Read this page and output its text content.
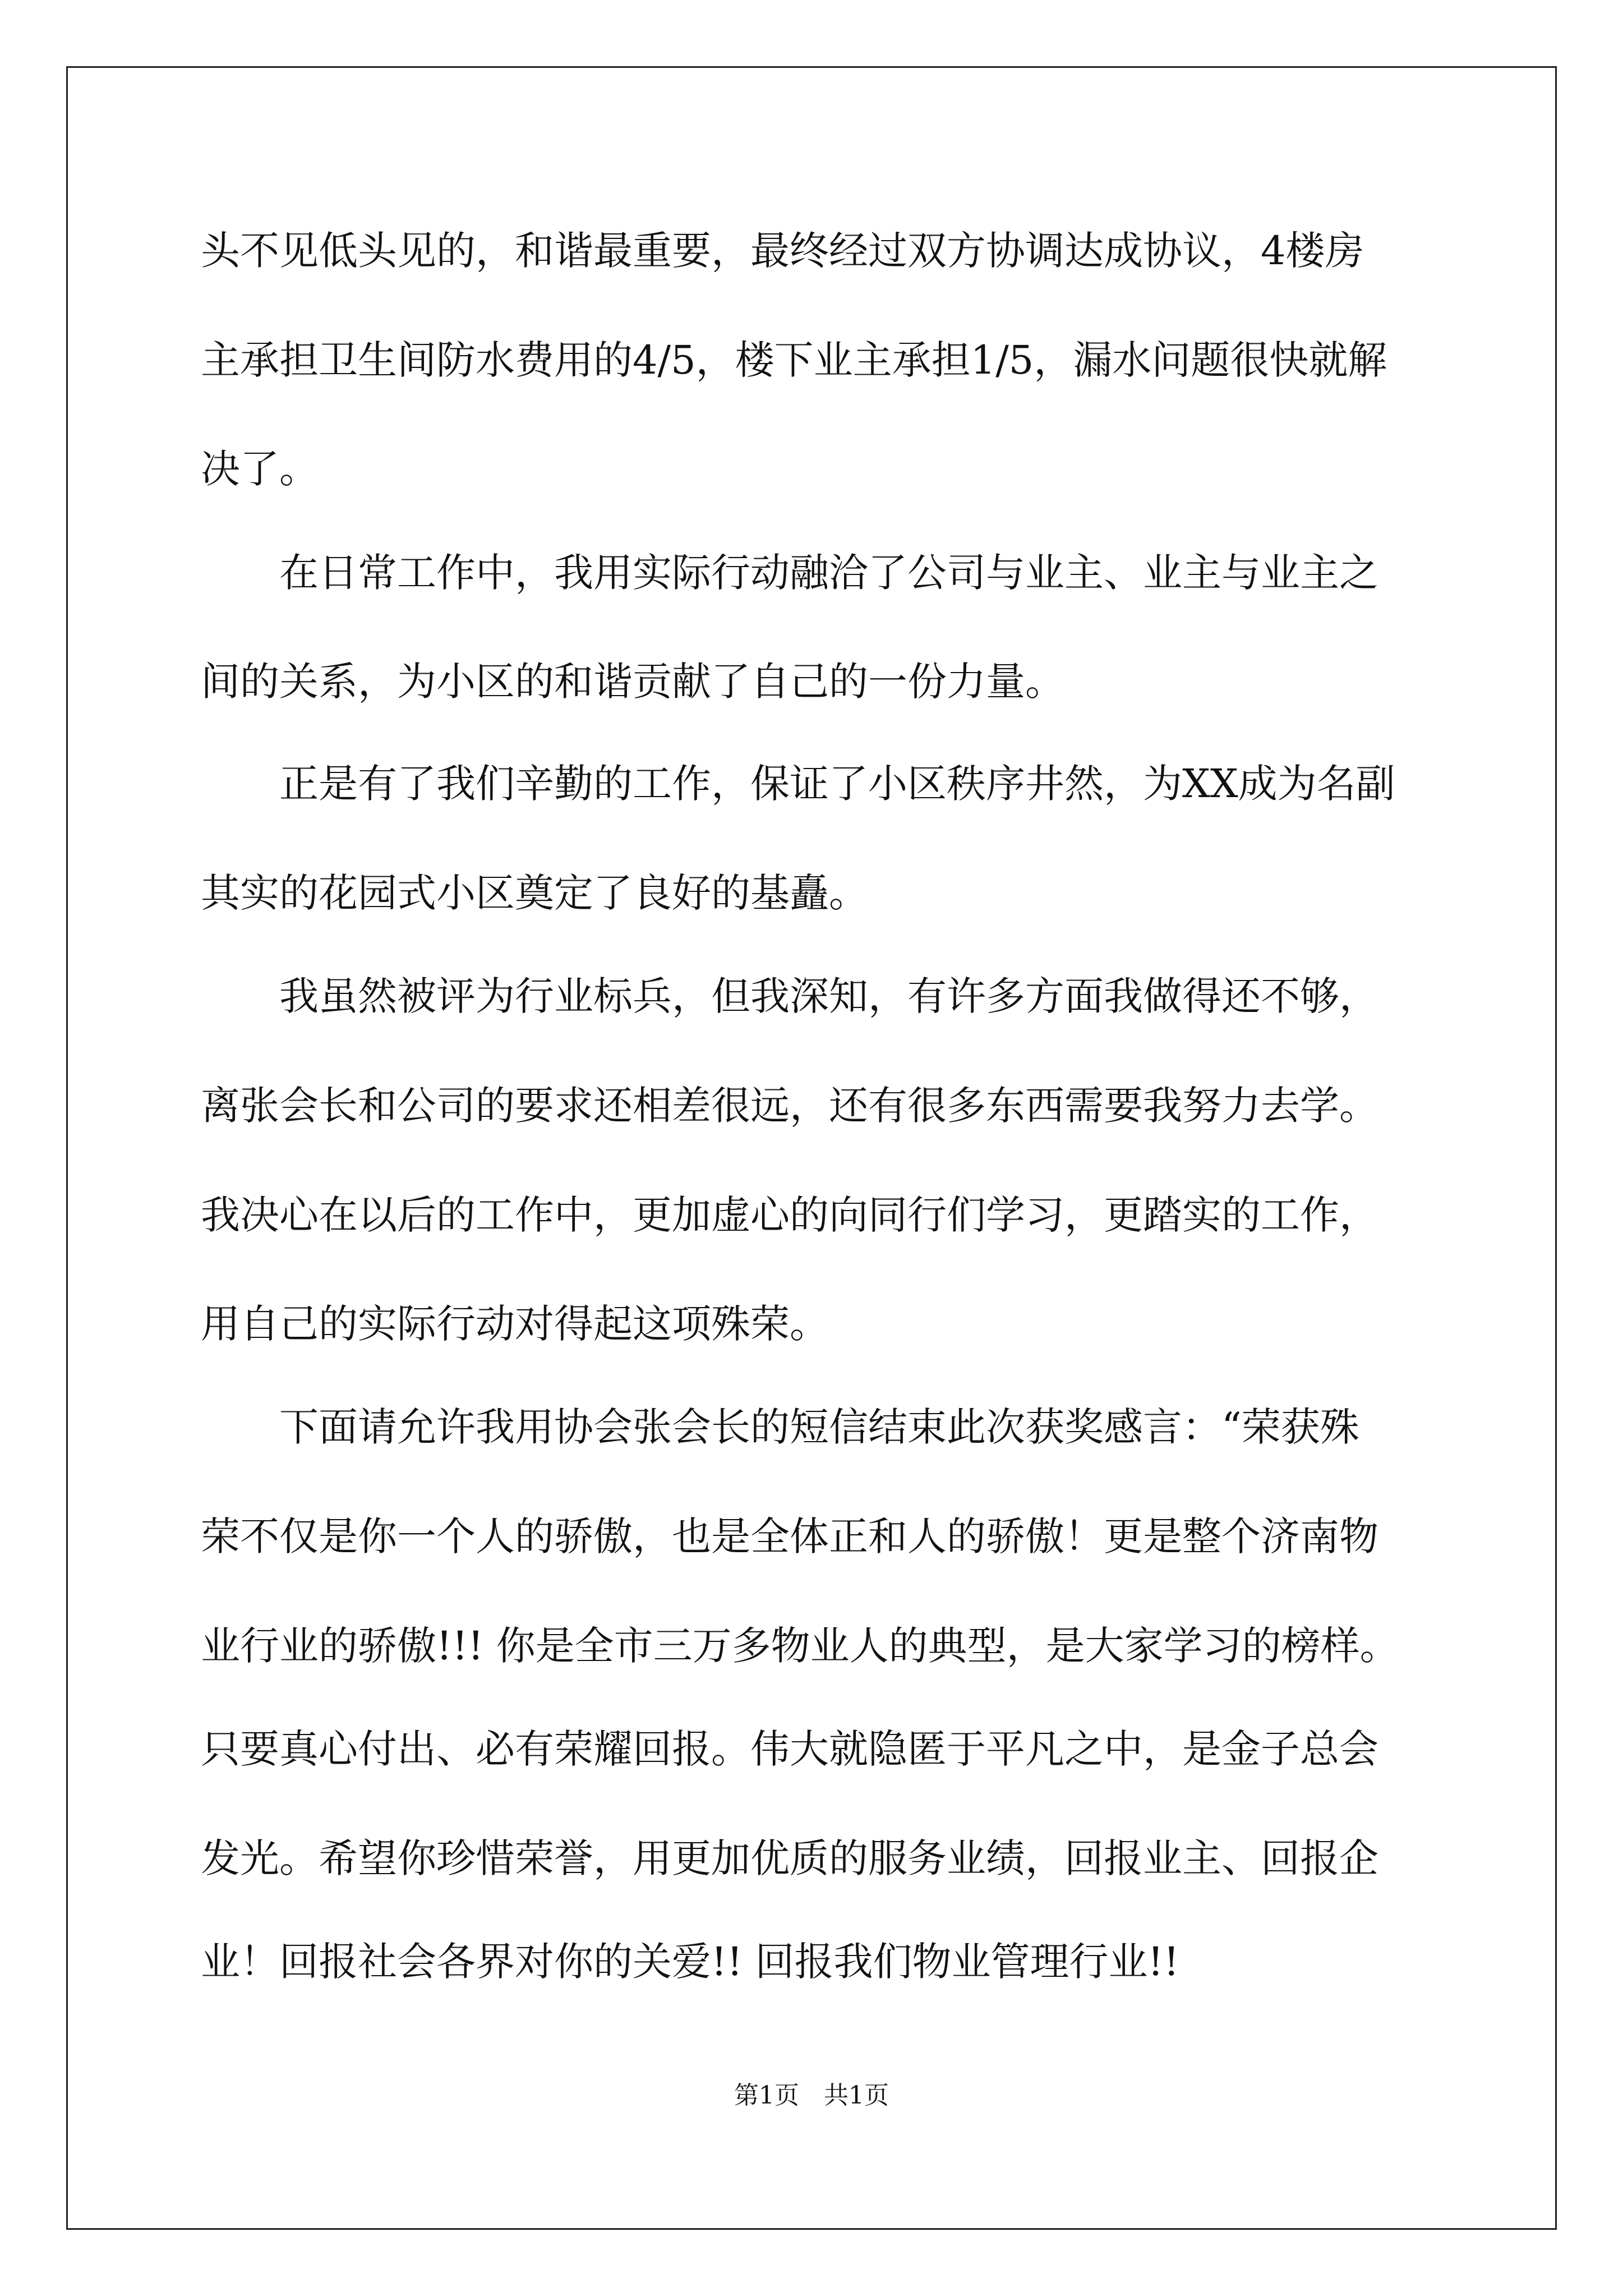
头不见低头见的，和谐最重要，最终经过双方协调达成协议，4楼房
主承担卫生间防水费用的4/5，楼下业主承担1/5，漏水问题很快就解
决了。
　　在日常工作中，我用实际行动融洽了公司与业主、业主与业主之
间的关系，为小区的和谐贡献了自己的一份力量。
　　正是有了我们辛勤的工作，保证了小区秩序井然，为XX成为名副
其实的花园式小区奠定了良好的基矗。
　　我虽然被评为行业标兵，但我深知，有许多方面我做得还不够，
离张会长和公司的要求还相差很远，还有很多东西需要我努力去学。
我决心在以后的工作中，更加虚心的向同行们学习，更踏实的工作，
用自己的实际行动对得起这项殊荣。
　　下面请允许我用协会张会长的短信结束此次获奖感言：“荣获殊
荣不仅是你一个人的骄傲，也是全体正和人的骄傲！更是整个济南物
业行业的骄傲!!! 你是全市三万多物业人的典型，是大家学习的榜样。
只要真心付出、必有荣耀回报。伟大就隐匿于平凡之中，是金子总会
发光。希望你珍惜荣誉，用更加优质的服务业绩，回报业主、回报企
业！回报社会各界对你的关爱!! 回报我们物业管理行业!!
第1页　共1页
